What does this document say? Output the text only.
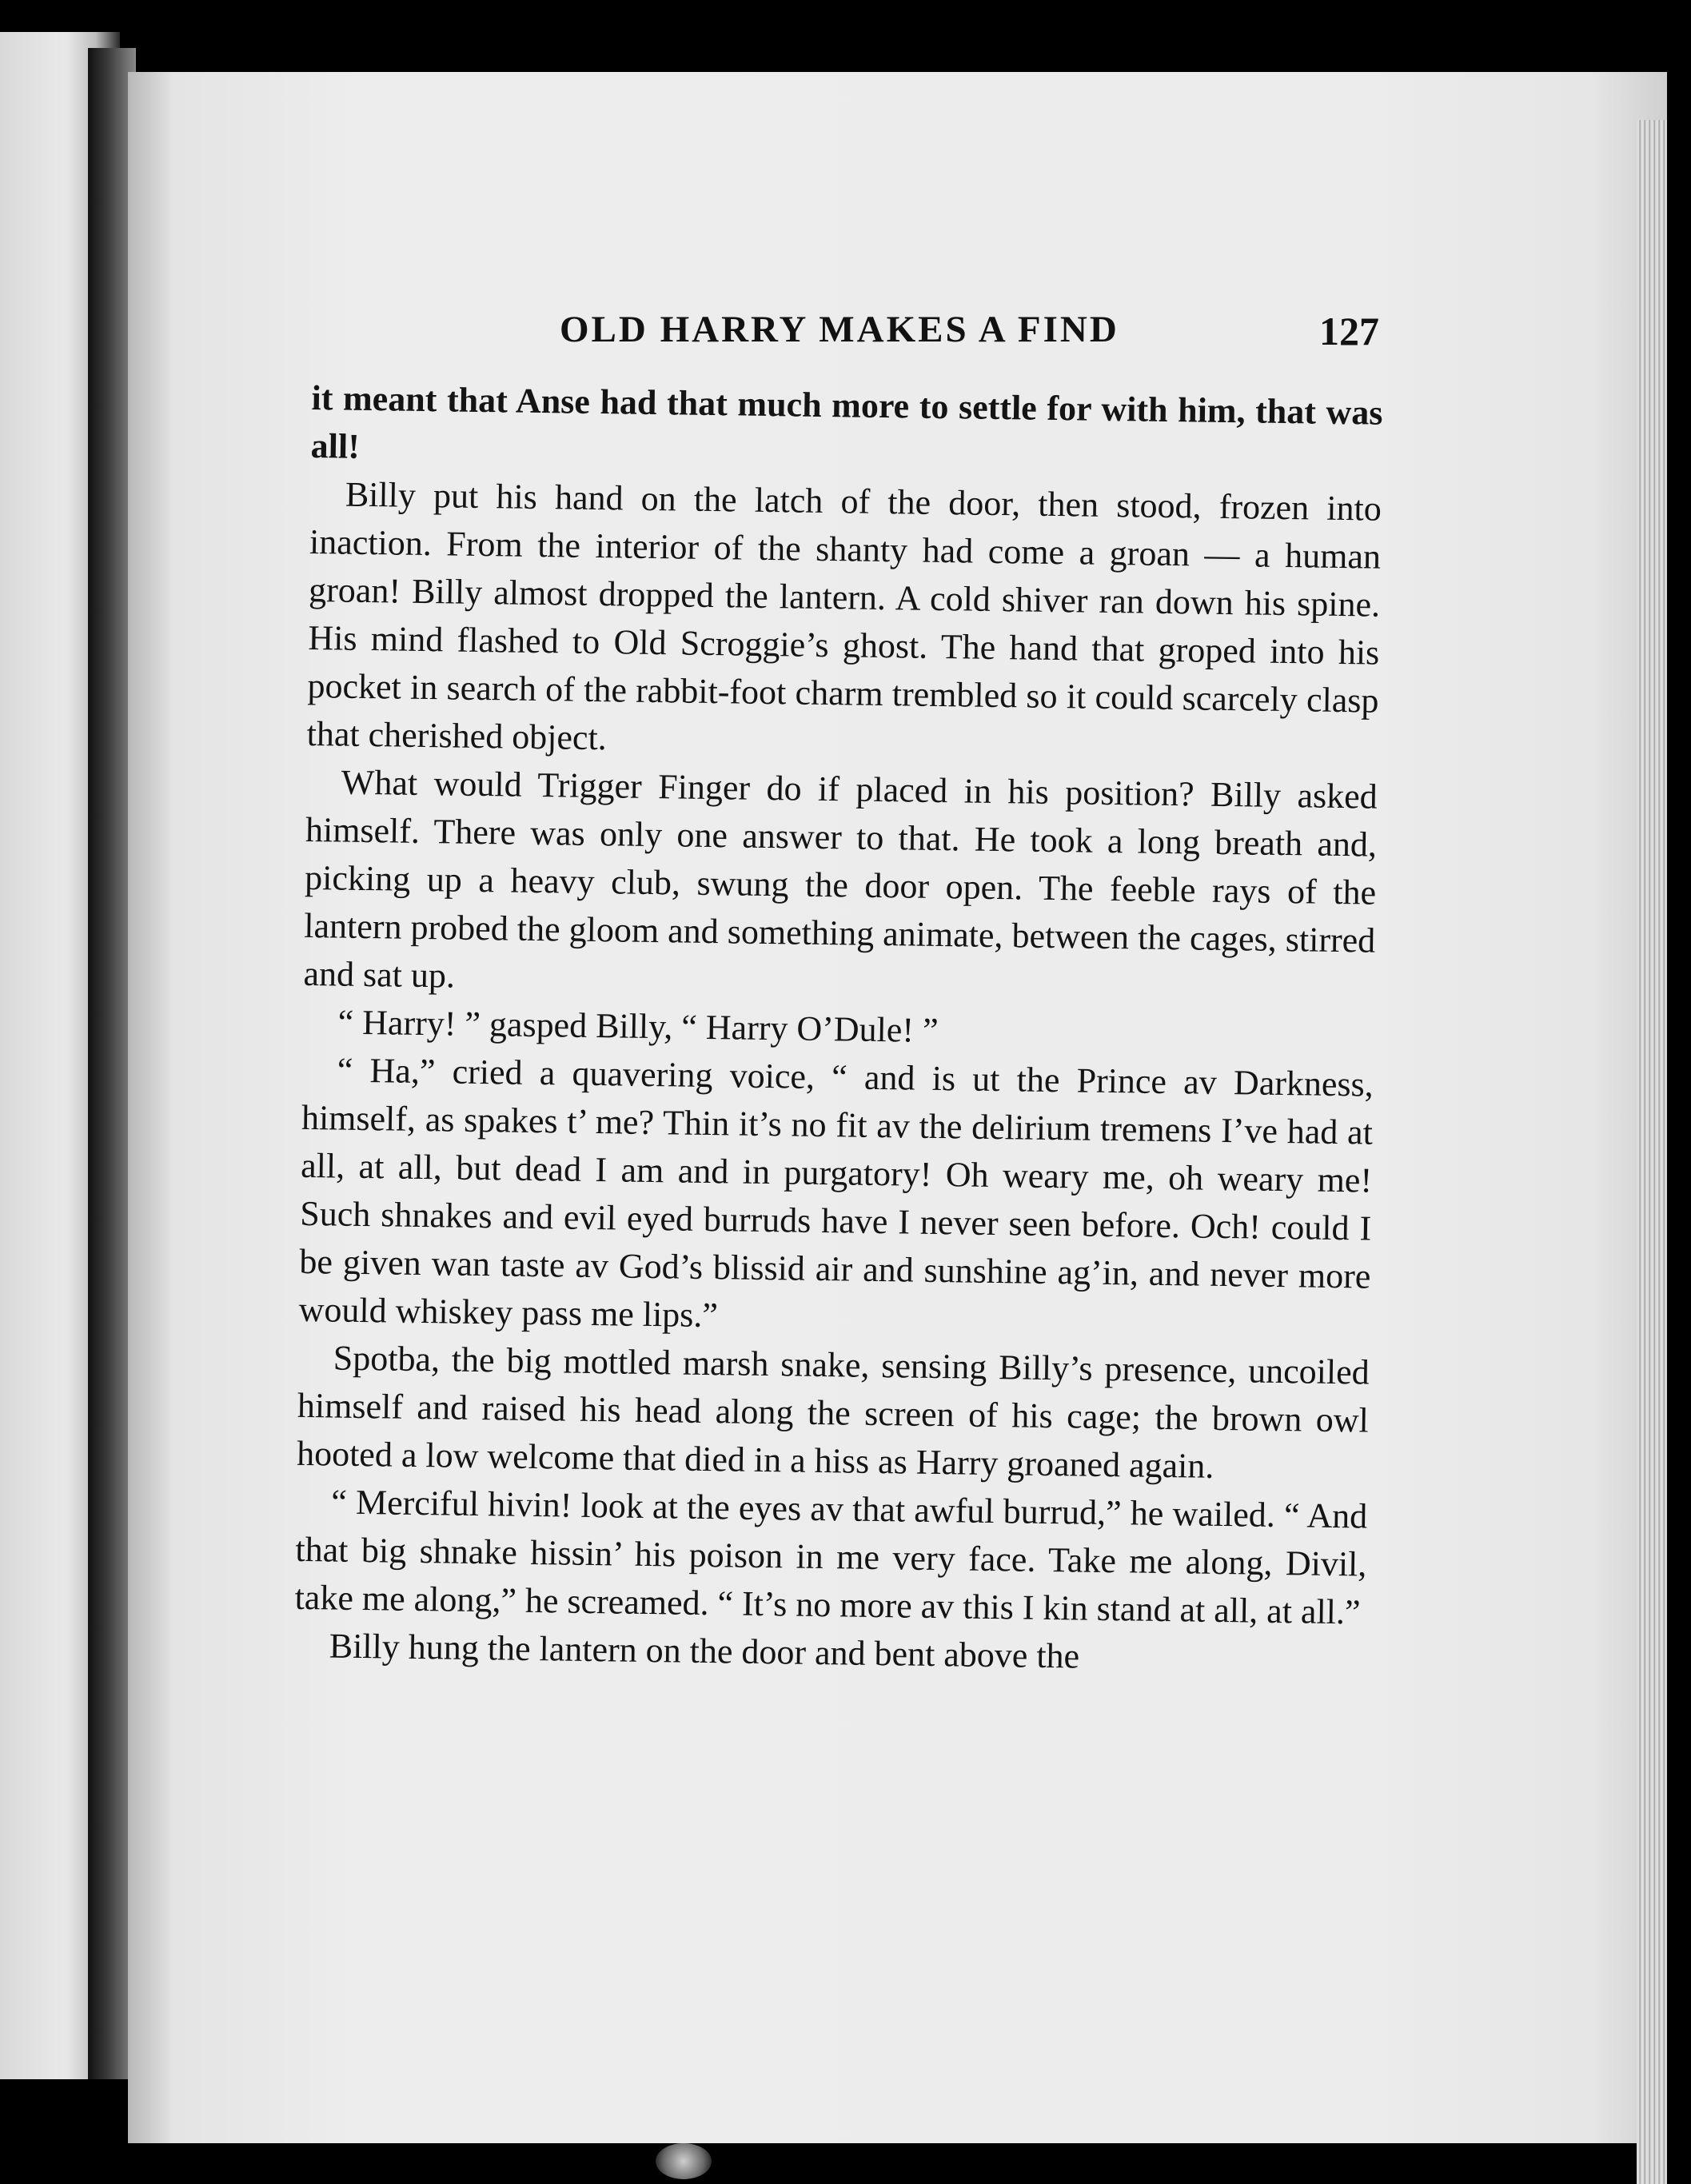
OLD HARRY MAKES A FIND	127

it meant that Anse had that much more to settle for with him, that was all!

Billy put his hand on the latch of the door, then stood, frozen into inaction. From the interior of the shanty had come a groan — a human groan! Billy almost dropped the lantern. A cold shiver ran down his spine. His mind flashed to Old Scroggie’s ghost. The hand that groped into his pocket in search of the rabbit-foot charm trembled so it could scarcely clasp that cherished object.

What would Trigger Finger do if placed in his position? Billy asked himself. There was only one answer to that. He took a long breath and, picking up a heavy club, swung the door open. The feeble rays of the lantern probed the gloom and something animate, between the cages, stirred and sat up.

“ Harry! ” gasped Billy, “ Harry O’Dule! ”

“ Ha,” cried a quavering voice, “ and is ut the Prince av Darkness, himself, as spakes t’ me? Thin it’s no fit av the delirium tremens I’ve had at all, at all, but dead I am and in purgatory! Oh weary me, oh weary me! Such shnakes and evil eyed burruds have I never seen before. Och! could I be given wan taste av God’s blissid air and sunshine ag’in, and never more would whiskey pass me lips.”

Spotba, the big mottled marsh snake, sensing Billy’s presence, uncoiled himself and raised his head along the screen of his cage; the brown owl hooted a low welcome that died in a hiss as Harry groaned again.

“ Merciful hivin! look at the eyes av that awful burrud,” he wailed. “ And that big shnake hissin’ his poison in me very face. Take me along, Divil, take me along,” he screamed. “ It’s no more av this I kin stand at all, at all.”

Billy hung the lantern on the door and bent above the
